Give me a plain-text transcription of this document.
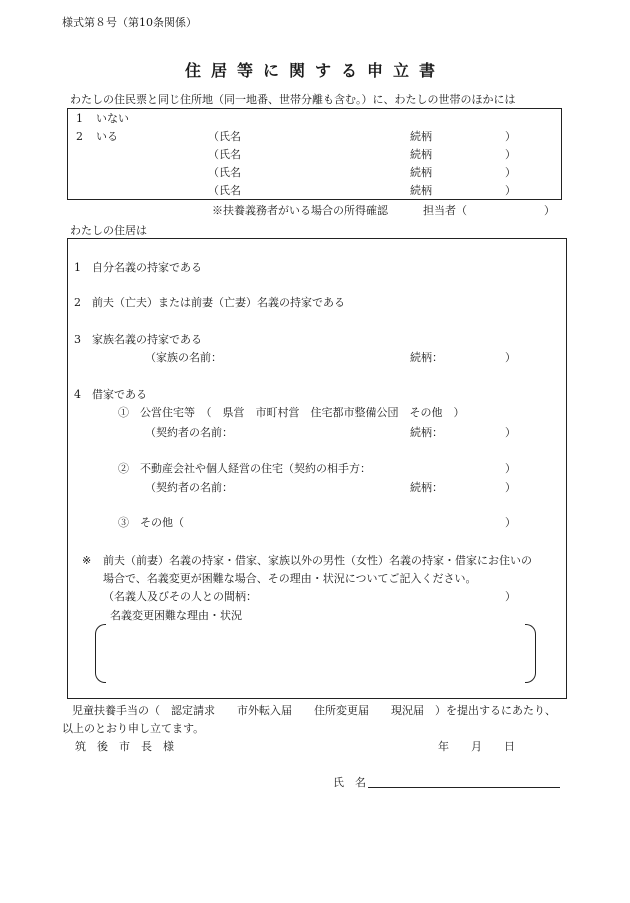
様式第８号（第10条関係）
住居等に関する申立書
わたしの住民票と同じ住所地（同一地番、世帯分離も含む。）に、わたしの世帯のほかには
1 いない
2 いる	（氏名	続柄	）
（氏名	続柄	）
（氏名	続柄	）
（氏名	続柄	）
※扶養義務者がいる場合の所得確認	担当者（	）
わたしの住居は
1　自分名義の持家である
2　前夫（亡夫）または前妻（亡妻）名義の持家である
3　家族名義の持家である
（家族の名前：	続柄：	）
4　借家である
①　公営住宅等　（　県営　市町村営　住宅都市整備公団　その他　）
（契約者の名前：	続柄：	）
②　不動産会社や個人経営の住宅（契約の相手方：	）
（契約者の名前：	続柄：	）
③　その他（	）
※ 前夫（前妻）名義の持家・借家、家族以外の男性（女性）名義の持家・借家にお住いの
場合で、名義変更が困難な場合、その理由・状況についてご記入ください。
（名義人及びその人との間柄：	）
名義変更困難な理由・状況
児童扶養手当の（　認定請求　　市外転入届　　住所変更届　　現況届　）を提出するにあたり、
以上のとおり申し立てます。
筑　後　市　長　様	年　　月　　日
氏　名
